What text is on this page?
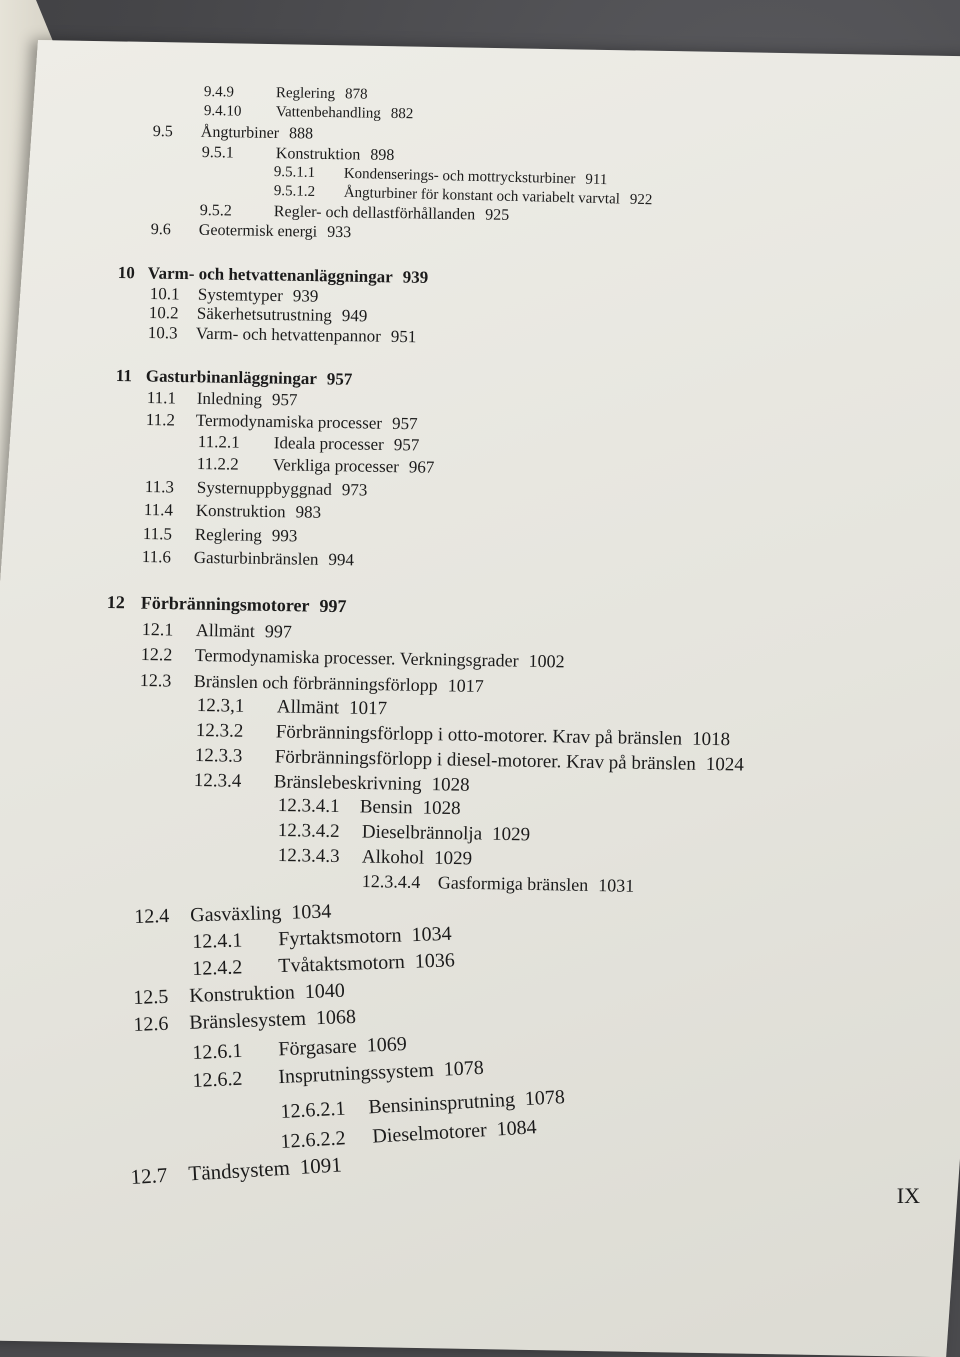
9.4.9	Reglering 878
9.4.10 Vattenbehandling 882
9.5 Ångturbiner 888
9.5.1	Konstruktion 898
9.5.1.1 Kondenserings- och mottrycksturbiner 911
9.5.1.2 Ångturbiner för konstant och variabelt varvtal 922
9.5.2	Regler- och dellastförhållanden 925
9.6 Geotermisk energi 933
10 Varm- och hetvattenanläggningar 939
10.1 Systemtyper 939
10.2 Säkerhetsutrustning 949
10.3 Varm- och hetvattenpannor 951
11 Gasturbinanläggningar 957
11.1 Inledning 957
11.2 Termodynamiska processer 957
11.2.1 Ideala processer 957
11.2.2 Verkliga processer 967
11.3 Systernuppbyggnad 973
11.4 Konstruktion 983
11.5 Reglering 993
11.6 Gasturbinbränslen 994
12 Förbränningsmotorer 997
12.1 Allmänt 997
12.2 Termodynamiska processer. Verkningsgrader 1002
12.3 Bränslen och förbränningsförlopp 1017
12.3,1 Allmänt 1017
12.3.2 Förbränningsförlopp i otto-motorer. Krav på bränslen 1018
12.3.3 Förbränningsförlopp i diesel-motorer. Krav på bränslen 1024
12.3.4 Bränslebeskrivning 1028
12.3.4.1 Bensin 1028
12.3.4.2 Dieselbrännolja 1029
12.3.4.3 Alkohol 1029
12.3.4.4 Gasformiga bränslen 1031
12.4 Gasväxling 1034
12.4.1 Fyrtaktsmotorn 1034
12.4.2 Tvåtaktsmotorn 1036
12.5 Konstruktion 1040
12.6 Bränslesystem 1068
12.6.1 Förgasare 1069
12.6.2 Insprutningssystem 1078
12.6.2.1 Bensininsprutning 1078
12.6.2.2 Dieselmotorer 1084
12.7 Tändsystem 1091
IX
